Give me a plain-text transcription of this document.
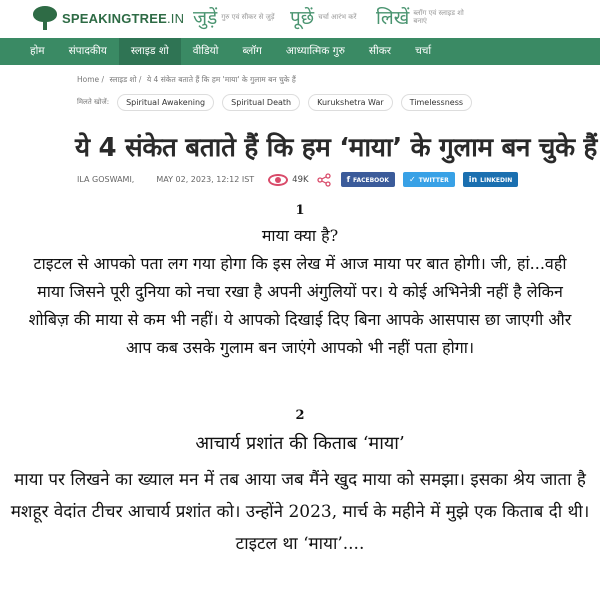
SPEAKINGTREE.IN जुड़ें गुरु एवं सीकर से जुड़ें पूछें चर्चा आरंभ करें	लिखें ब्लॉग एवं स्लाइड शो बनाएं
होम	संपादकीय	स्लाइड शो	वीडियो	ब्लॉग	आध्यात्मिक गुरु	सीकर	चर्चा
Home / स्लाइड शो / ये 4 संकेत बताते हैं कि हम 'माया' के गुलाम बन चुके हैं
मिलते खोजें:	Spiritual Awakening	Spiritual Death	Kurukshetra War	Timelessness
ये 4 संकेत बताते हैं कि हम ‘माया’ के गुलाम बन चुके हैं
ILA GOSWAMI,	MAY 02, 2023, 12:12 IST	49K	f FACEBOOK	✓ TWITTER	in LINKEDIN
1
माया क्या है?
टाइटल से आपको पता लग गया होगा कि इस लेख में आज माया पर बात होगी। जी, हां...वही माया जिसने पूरी दुनिया को नचा रखा है अपनी अंगुलियों पर। ये कोई अभिनेत्री नहीं है लेकिन शोबिज़ की माया से कम भी नहीं। ये आपको दिखाई दिए बिना आपके आसपास छा जाएगी और आप कब उसके गुलाम बन जाएंगे आपको भी नहीं पता होगा।
2
आचार्य प्रशांत की किताब ‘माया’
माया पर लिखने का ख्याल मन में तब आया जब मैंने खुद माया को समझा। इसका श्रेय जाता है मशहूर वेदांत टीचर आचार्य प्रशांत को। उन्होंने 2023, मार्च के महीने में मुझे एक किताब दी थी। टाइटल था ‘माया’....
